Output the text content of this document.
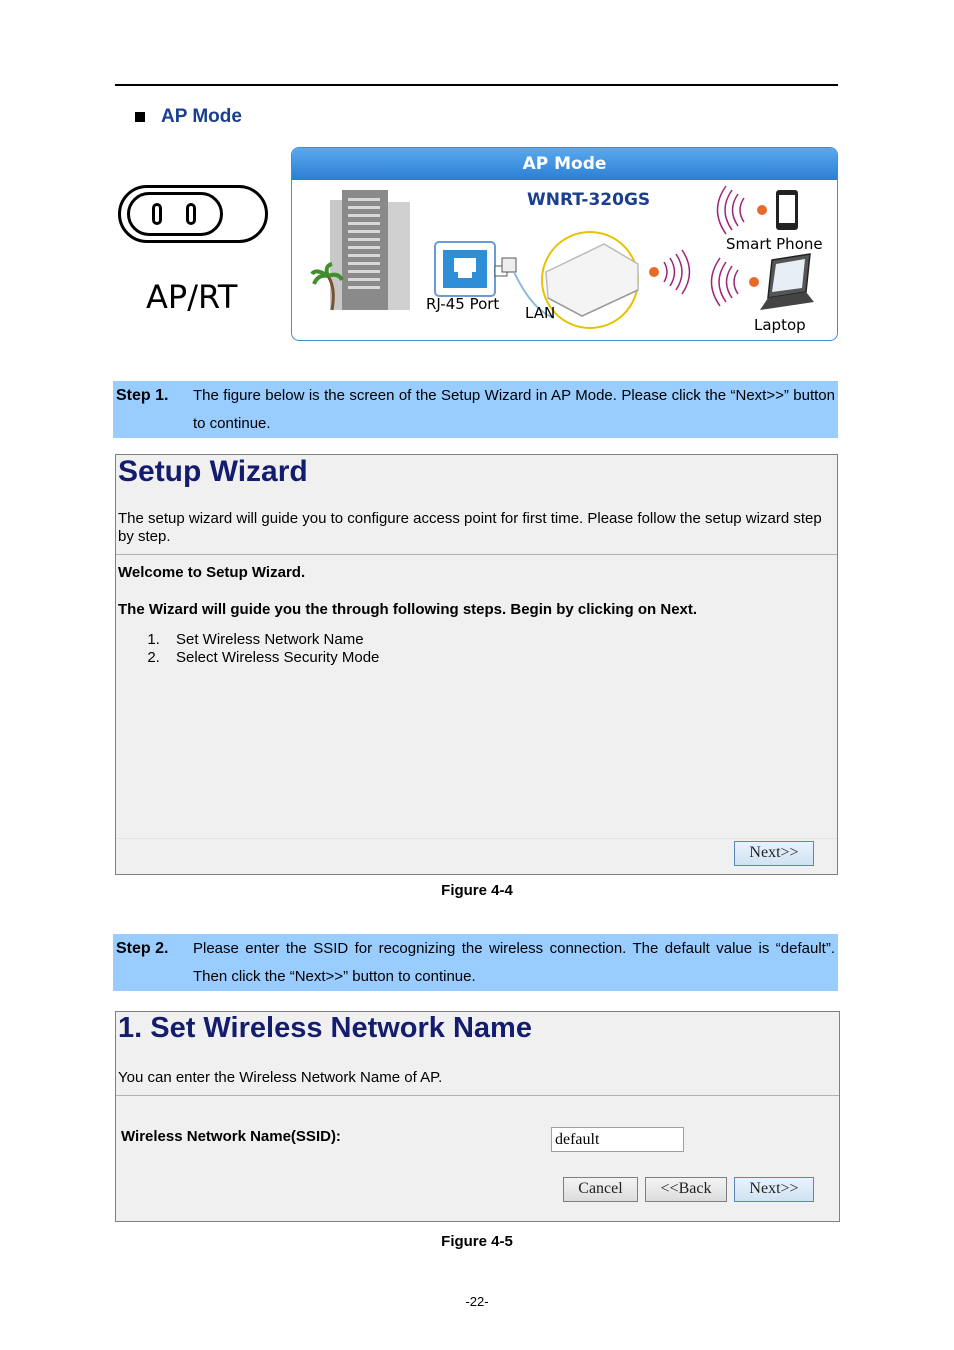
AP Mode
AP/RT
AP Mode
WNRT-320GS
Smart Phone
Laptop
RJ-45 Port LAN
Step 1. The figure below is the screen of the Setup Wizard in AP Mode. Please click the “Next>>” button to continue.
Setup Wizard
The setup wizard will guide you to configure access point for first time. Please follow the setup wizard step by step.
Welcome to Setup Wizard.
The Wizard will guide you the through following steps. Begin by clicking on Next.
1. Set Wireless Network Name
2. Select Wireless Security Mode
Next>>
Figure 4-4
Step 2. Please enter the SSID for recognizing the wireless connection. The default value is “default”. Then click the “Next>>” button to continue.
1. Set Wireless Network Name
You can enter the Wireless Network Name of AP.
Wireless Network Name(SSID):
default
Cancel	<<Back	Next>>
Figure 4-5
-22-
